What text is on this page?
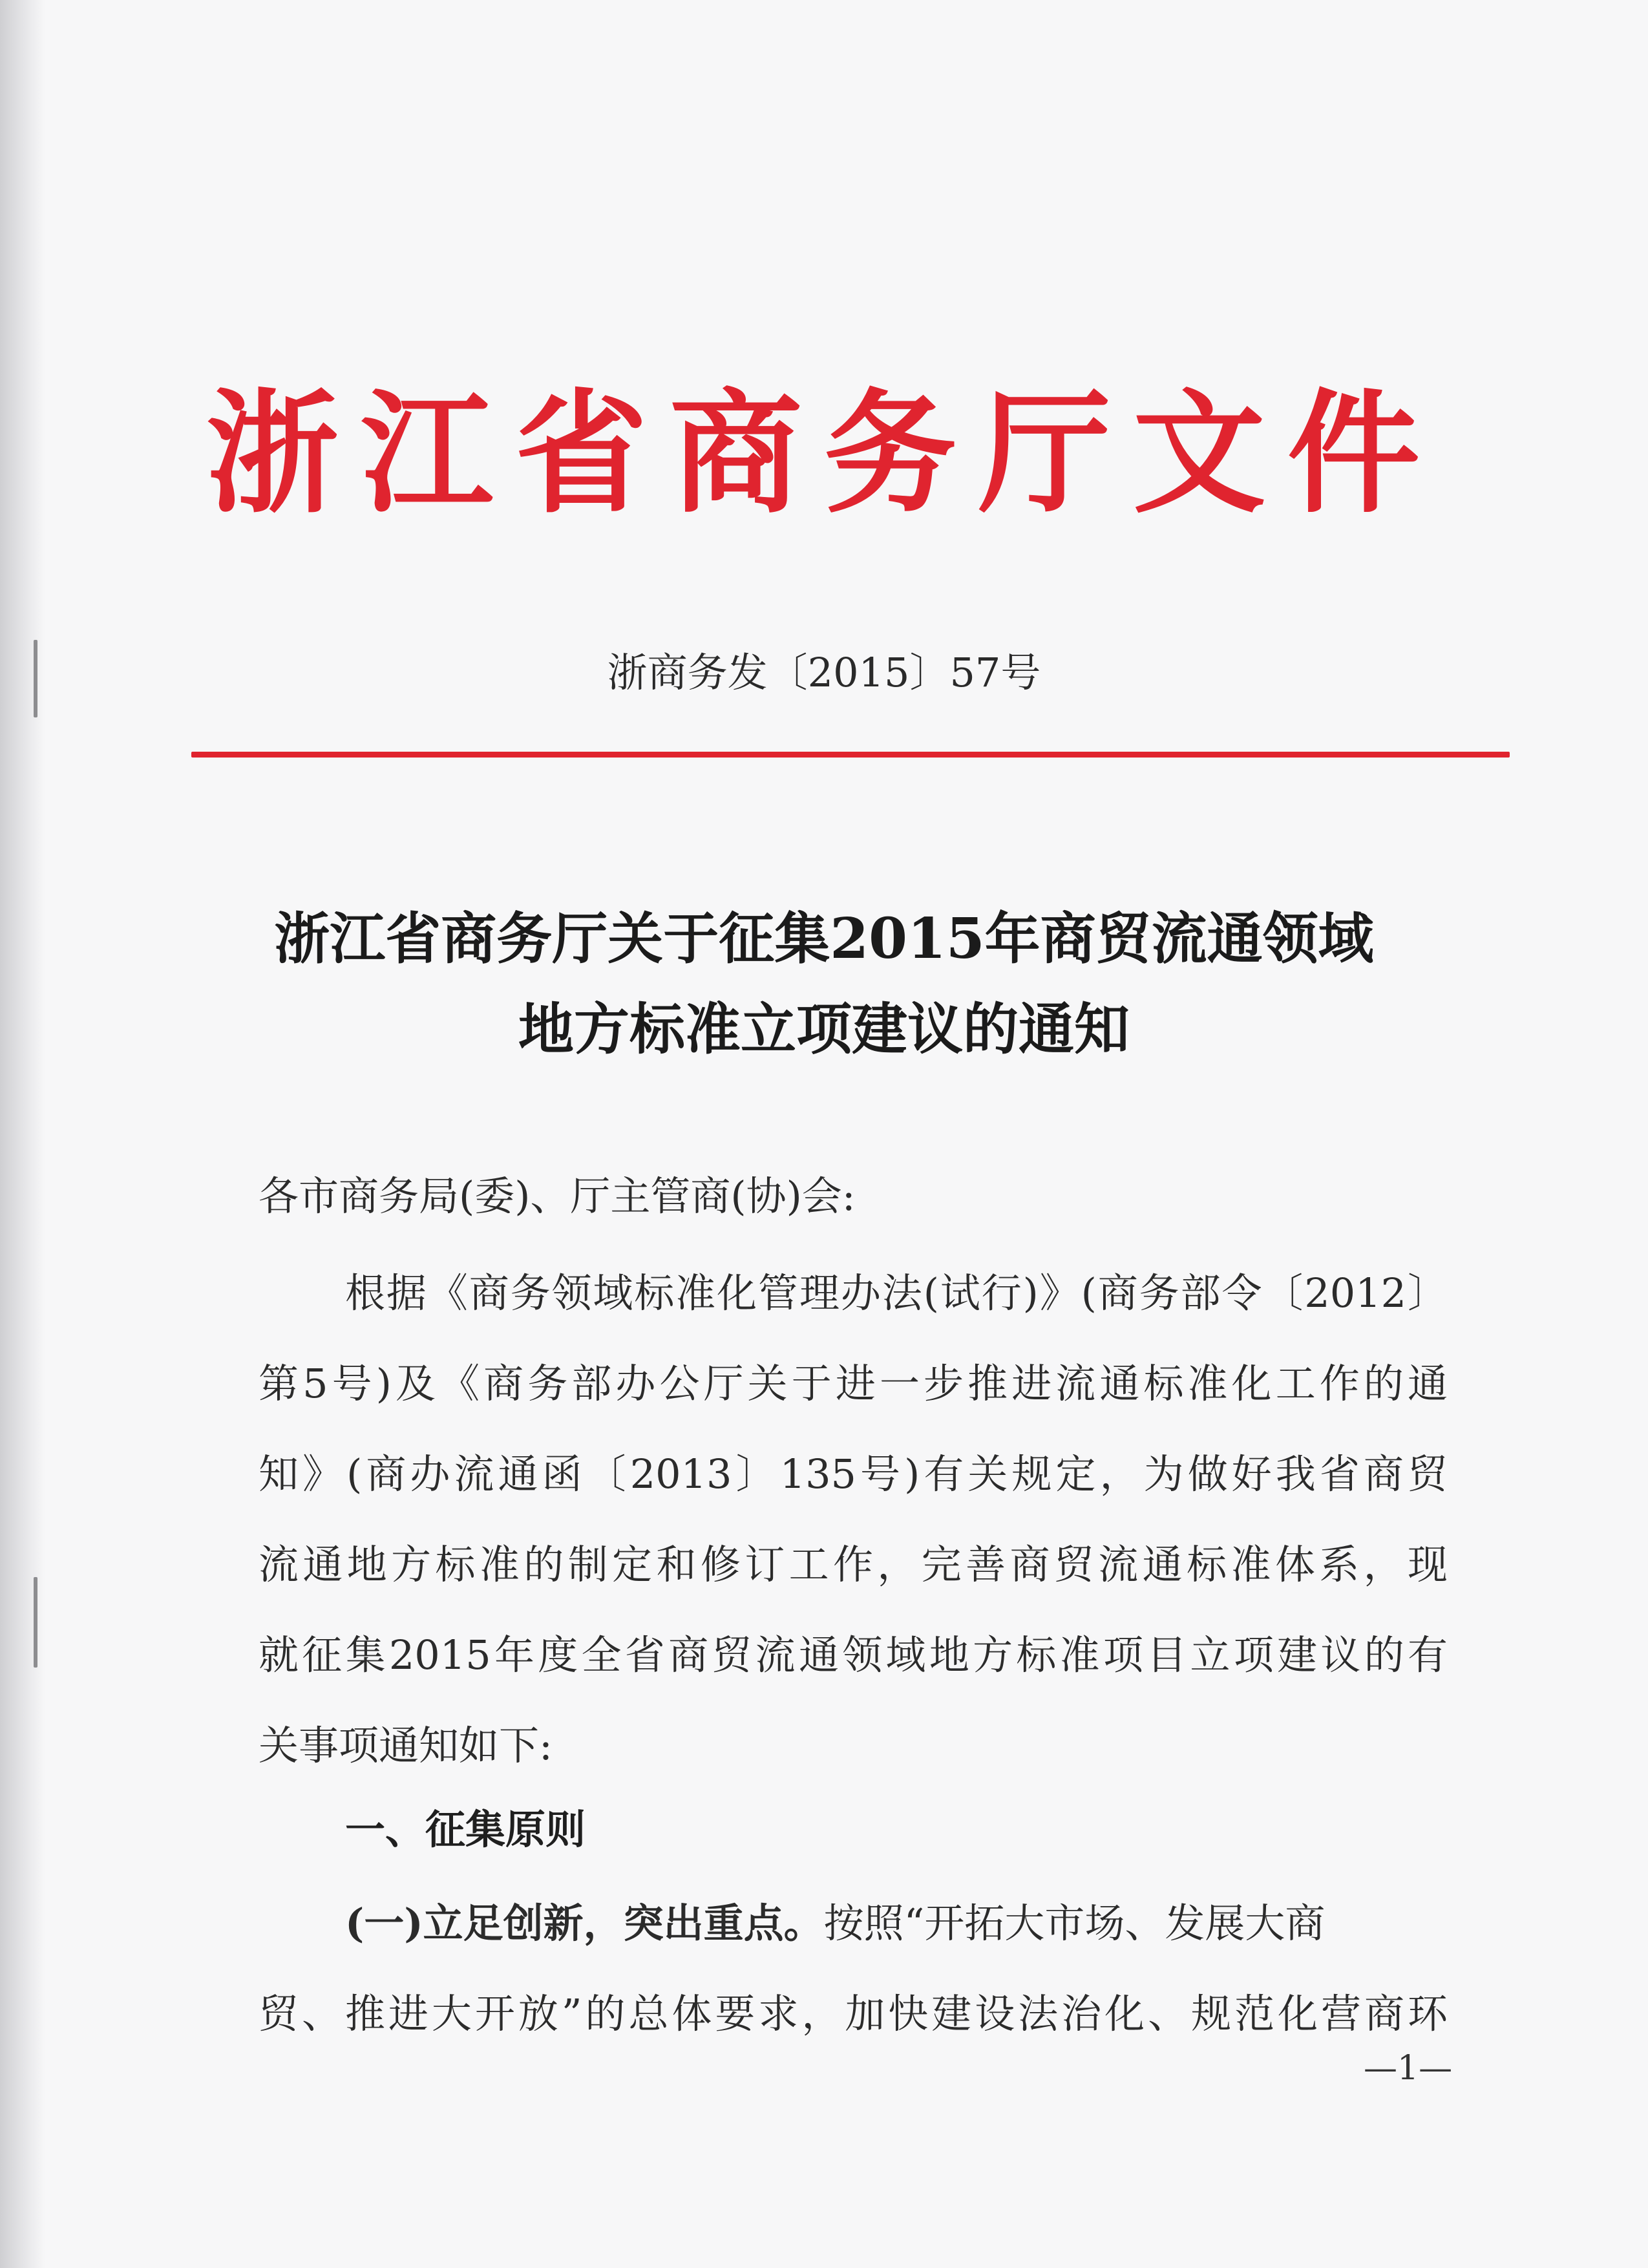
浙江省商务厅文件
浙商务发〔2015〕57号
浙江省商务厅关于征集2015年商贸流通领域
地方标准立项建议的通知
各市商务局(委)、厅主管商(协)会:
根据《商务领域标准化管理办法(试行)》(商务部令〔2012〕
第5号)及《商务部办公厅关于进一步推进流通标准化工作的通
知》(商办流通函〔2013〕135号)有关规定，为做好我省商贸
流通地方标准的制定和修订工作，完善商贸流通标准体系，现
就征集2015年度全省商贸流通领域地方标准项目立项建议的有
关事项通知如下:
一、征集原则
(一)立足创新，突出重点。按照“开拓大市场、发展大商
贸、推进大开放”的总体要求，加快建设法治化、规范化营商环
—1—
